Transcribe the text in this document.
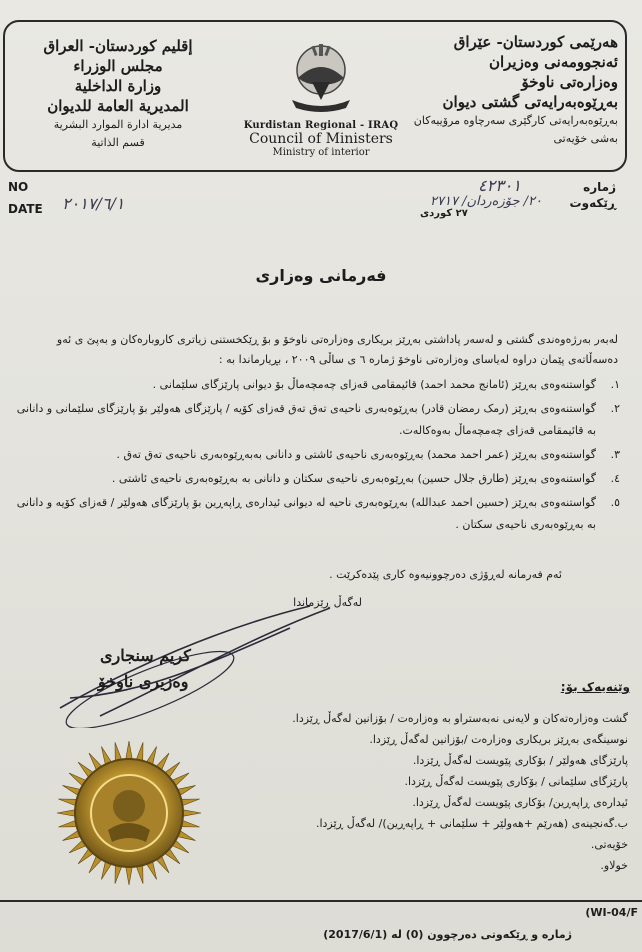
إقليم كوردستان- العراق
مجلس الوزراء
وزارة الداخلية
المديرية العامة للديوان
مديرية ادارة الموارد البشرية
قسم الذاتية
Kurdistan Regional - IRAQ
Council of Ministers
Ministry of interior
هەرێمی کوردستان- عێراق
ئەنجوومەنی وەزیران
وەزارەتی ناوخۆ
بەڕێوەبەرایەتی گشتی دیوان
بەڕێوەبەرایەتی کارگێری سەرچاوە مرۆییەکان
بەشی خۆیەتی
NO
DATE ٢٠١٧/٦/١
٤٢٣٠١	ژمارە
ڕێکەوت
٢٠/ جۆزەردان/ ٢٧١٧
٢٧ كوردى
فەرمانی وەزاری
لەبەر بەرژەوەندی گشتی و لەسەر پاداشتی بەڕێز بریکاری وەزارەتی ناوخۆ و بۆ ڕێکخستنی زیاتری کاروبارەکان و بەپێ ی ئەو دەسەڵاتەی پێمان دراوە لەیاسای وەزارەتی ناوخۆ ژمارە ٦ ی ساڵی ٢٠٠٩ ، بڕیارماندا بە :
١.
گواستنەوەی بەڕێز (ئامانج محمد احمد) قائیمقامی قەزای چەمچەماڵ بۆ دیوانی پارێزگای سلێمانی .
٢.
گواستنەوەی بەڕێز (رمک رمضان قادر) بەڕێوەبەری ناحیەی تەق تەق قەزای کۆیە / پارێزگای هەولێر بۆ پارێزگای سلێمانی و دانانی بە قائیمقامی قەزای چەمچەماڵ بەوەکالەت.
٣.
گواستنەوەی بەڕێز (عمر احمد محمد) بەڕێوەبەری ناحیەی ئاشتی و دانانی بەبەڕێوەبەری ناحیەی تەق تەق .
٤.
گواستنەوەی بەڕێز (طارق جلال حسین) بەڕێوەبەری ناحیەی سکتان و دانانی بە بەڕێوەبەری ناحیەی ئاشتی .
٥.
گواستنەوەی بەڕێز (حسین احمد عبدالله) بەڕێوەبەری ناحیە لە دیوانی ئیدارەی ڕاپەڕین بۆ پارێزگای هەولێر / قەزای کۆیە و دانانی بە بەڕێوەبەری ناحیەی سکتان .
ئەم فەرمانە لەڕۆژی دەرچوونیەوە کاری پێدەکرێت .
لەگەڵ ڕێزماندا
کریم سنجاری
وەزیری ناوخۆ	وێنەیەک بۆ:
گشت وەزارەتەکان و لایەنی نەبەستراو بە وەزارەت / بۆزانین لەگەڵ ڕێزدا.
نوسینگەی بەڕێز بریکاری وەزارەت /بۆزانین لەگەڵ ڕێزدا.
پارێزگای هەولێر / بۆکاری پێویست لەگەڵ ڕێزدا.
پارێزگای سلێمانی / بۆکاری پێویست لەگەڵ ڕێزدا.
ئیدارەی ڕاپەڕین/ بۆکاری پێویست لەگەڵ ڕێزدا.
ب.گەنجینەی (هەرێم +هەولێر + سلێمانی + ڕاپەڕین)/ لەگەڵ ڕێزدا.
خۆیەتی.
خولاو.
(WI-04/F
ژمارە و ڕێکەوتی دەرچوون (0) لە (2017/6/1)
